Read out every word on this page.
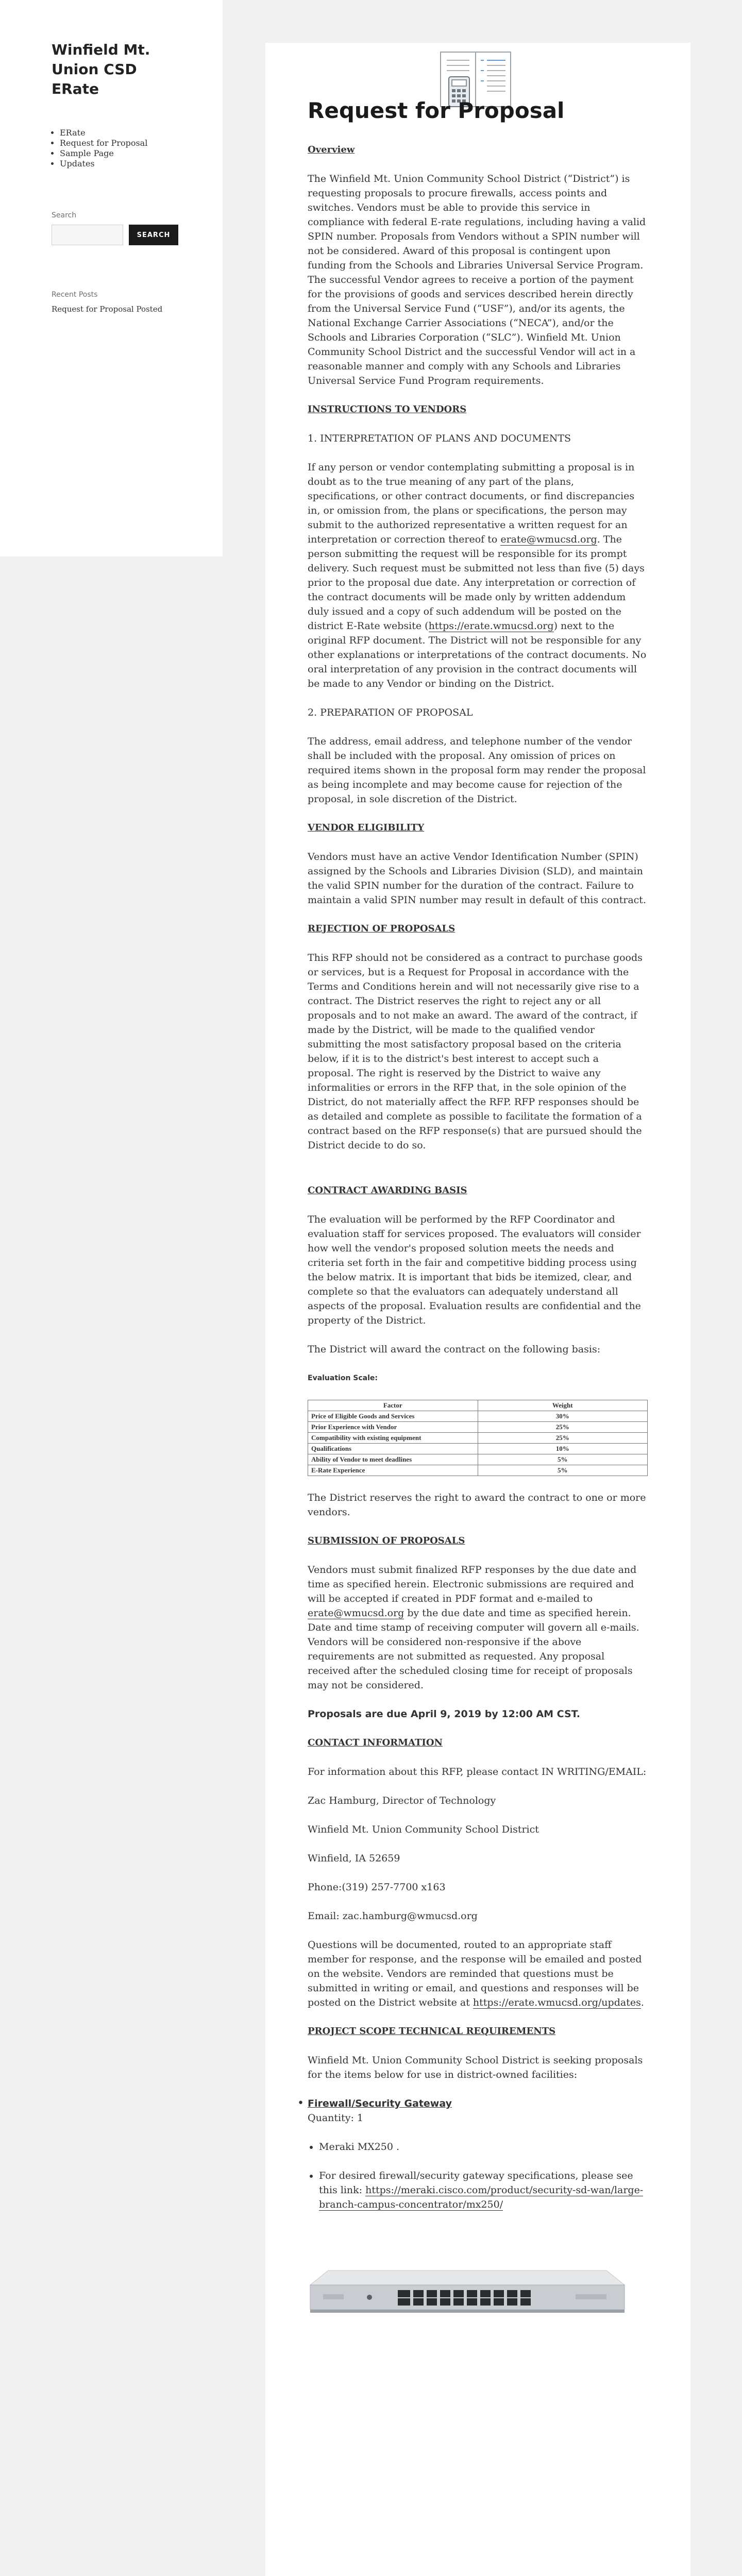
Winfield Mt. Union CSD ERate
• ERate
• Request for Proposal
• Sample Page
• Updates
Search
SEARCH
Recent Posts
Request for Proposal Posted
Request for Proposal

Overview

The Winfield Mt. Union Community School District (“District”) is requesting proposals to procure firewalls, access points and switches. Vendors must be able to provide this service in compliance with federal E-rate regulations, including having a valid SPIN number. Proposals from Vendors without a SPIN number will not be considered. Award of this proposal is contingent upon funding from the Schools and Libraries Universal Service Program. The successful Vendor agrees to receive a portion of the payment for the provisions of goods and services described herein directly from the Universal Service Fund (“USF”), and/or its agents, the National Exchange Carrier Associations (“NECA”), and/or the Schools and Libraries Corporation (“SLC”). Winfield Mt. Union Community School District and the successful Vendor will act in a reasonable manner and comply with any Schools and Libraries Universal Service Fund Program requirements.

INSTRUCTIONS TO VENDORS

1. INTERPRETATION OF PLANS AND DOCUMENTS

If any person or vendor contemplating submitting a proposal is in doubt as to the true meaning of any part of the plans, specifications, or other contract documents, or find discrepancies in, or omission from, the plans or specifications, the person may submit to the authorized representative a written request for an interpretation or correction thereof to erate@wmucsd.org. The person submitting the request will be responsible for its prompt delivery. Such request must be submitted not less than five (5) days prior to the proposal due date. Any interpretation or correction of the contract documents will be made only by written addendum duly issued and a copy of such addendum will be posted on the district E-Rate website (https://erate.wmucsd.org) next to the original RFP document. The District will not be responsible for any other explanations or interpretations of the contract documents. No oral interpretation of any provision in the contract documents will be made to any Vendor or binding on the District.

2. PREPARATION OF PROPOSAL

The address, email address, and telephone number of the vendor shall be included with the proposal. Any omission of prices on required items shown in the proposal form may render the proposal as being incomplete and may become cause for rejection of the proposal, in sole discretion of the District.

VENDOR ELIGIBILITY

Vendors must have an active Vendor Identification Number (SPIN) assigned by the Schools and Libraries Division (SLD), and maintain the valid SPIN number for the duration of the contract. Failure to maintain a valid SPIN number may result in default of this contract.

REJECTION OF PROPOSALS

This RFP should not be considered as a contract to purchase goods or services, but is a Request for Proposal in accordance with the Terms and Conditions herein and will not necessarily give rise to a contract. The District reserves the right to reject any or all proposals and to not make an award. The award of the contract, if made by the District, will be made to the qualified vendor submitting the most satisfactory proposal based on the criteria below, if it is to the district's best interest to accept such a proposal. The right is reserved by the District to waive any informalities or errors in the RFP that, in the sole opinion of the District, do not materially affect the RFP. RFP responses should be as detailed and complete as possible to facilitate the formation of a contract based on the RFP response(s) that are pursued should the District decide to do so.

CONTRACT AWARDING BASIS

The evaluation will be performed by the RFP Coordinator and evaluation staff for services proposed. The evaluators will consider how well the vendor's proposed solution meets the needs and criteria set forth in the fair and competitive bidding process using the below matrix. It is important that bids be itemized, clear, and complete so that the evaluators can adequately understand all aspects of the proposal. Evaluation results are confidential and the property of the District.

The District will award the contract on the following basis:

Evaluation Scale:

Factor	Weight
Price of Eligible Goods and Services	30%
Prior Experience with Vendor	25%
Compatibility with existing equipment	25%
Qualifications	10%
Ability of Vendor to meet deadlines	5%
E-Rate Experience	5%

The District reserves the right to award the contract to one or more vendors.

SUBMISSION OF PROPOSALS

Vendors must submit finalized RFP responses by the due date and time as specified herein. Electronic submissions are required and will be accepted if created in PDF format and e-mailed to erate@wmucsd.org by the due date and time as specified herein. Date and time stamp of receiving computer will govern all e-mails. Vendors will be considered non-responsive if the above requirements are not submitted as requested. Any proposal received after the scheduled closing time for receipt of proposals may not be considered.

Proposals are due April 9, 2019 by 12:00 AM CST.

CONTACT INFORMATION

For information about this RFP, please contact IN WRITING/EMAIL:

Zac Hamburg, Director of Technology

Winfield Mt. Union Community School District

Winfield, IA 52659

Phone:(319) 257-7700 x163

Email: zac.hamburg@wmucsd.org

Questions will be documented, routed to an appropriate staff member for response, and the response will be emailed and posted on the website. Vendors are reminded that questions must be submitted in writing or email, and questions and responses will be posted on the District website at https://erate.wmucsd.org/updates.

PROJECT SCOPE TECHNICAL REQUIREMENTS

Winfield Mt. Union Community School District is seeking proposals for the items below for use in district-owned facilities:

• Firewall/Security Gateway

Quantity: 1

• Meraki MX250 .
• For desired firewall/security gateway specifications, please see this link: https://meraki.cisco.com/product/security-sd-wan/large-branch-campus-concentrator/mx250/
